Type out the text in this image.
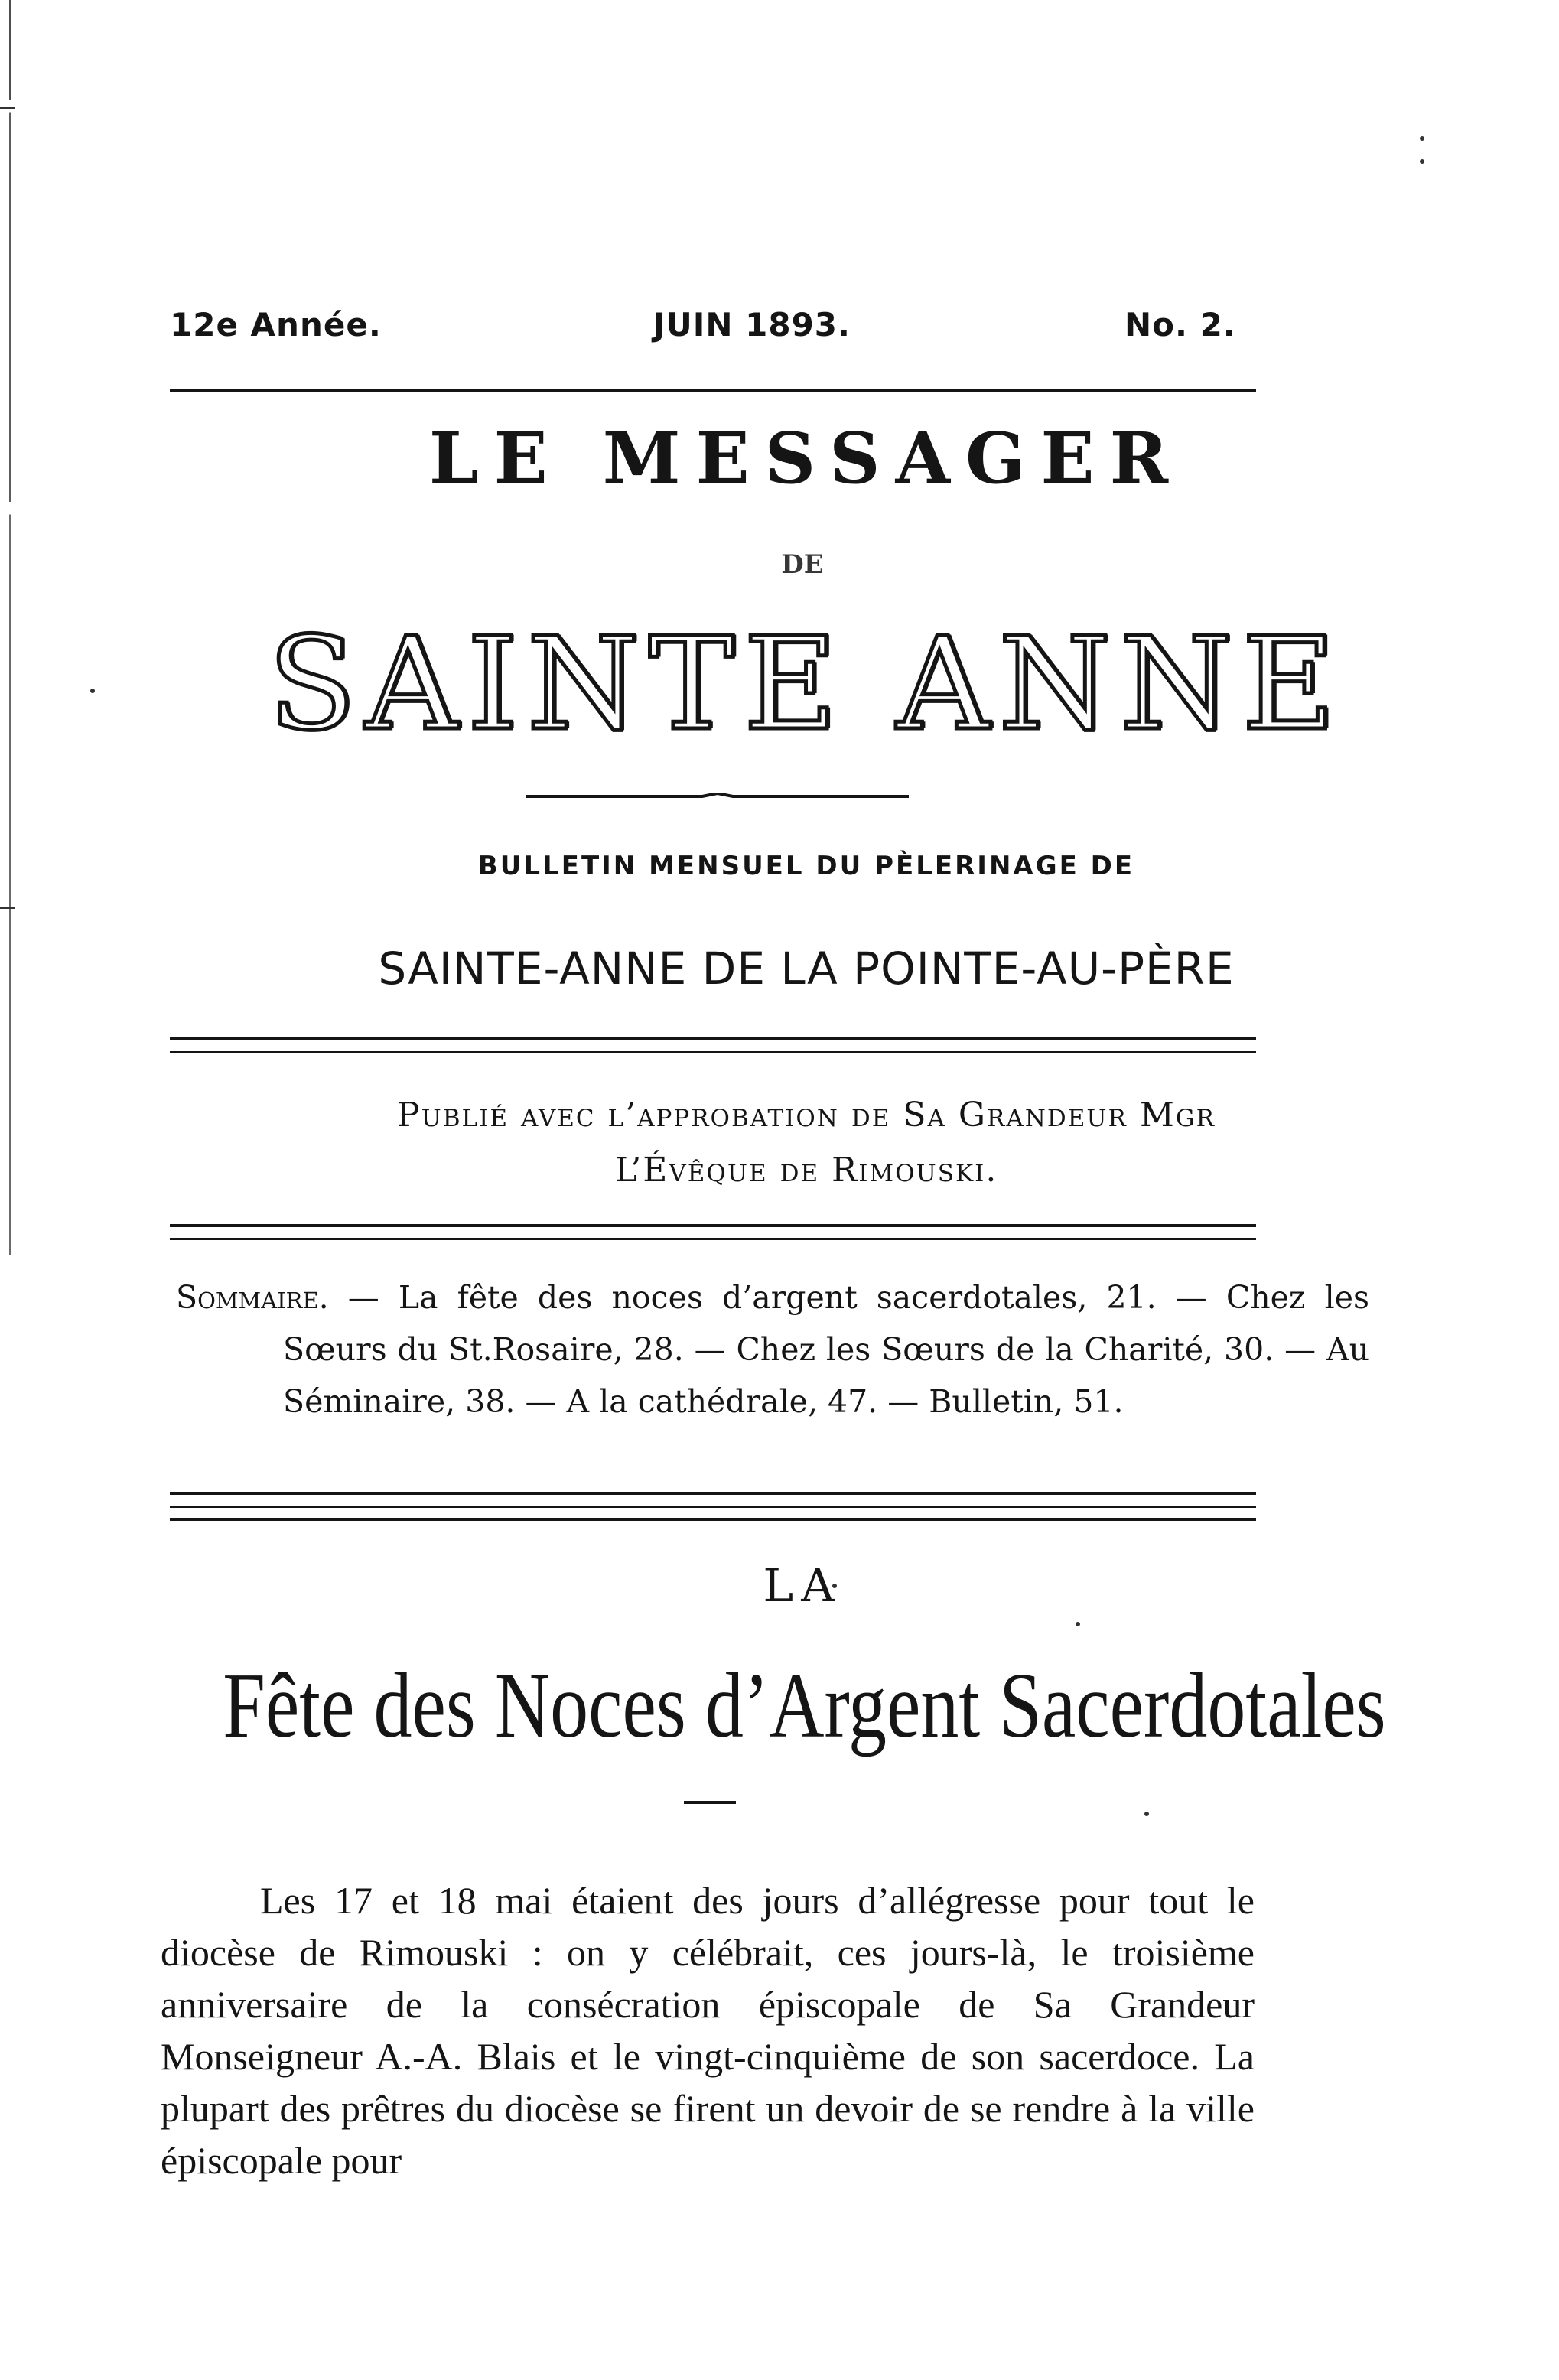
12e Année.	JUIN 1893.	No. 2.
LE MESSAGER
DE
SAINTE ANNE
BULLETIN MENSUEL DU PÈLERINAGE DE
SAINTE-ANNE DE LA POINTE-AU-PÈRE
Publié avec l’approbation de Sa Grandeur Mgr
L’Évêque de Rimouski.
Sommaire. — La fête des noces d’argent sacerdotales, 21. — Chez les Sœurs du St.Rosaire, 28. — Chez les Sœurs de la Charité, 30. — Au Séminaire, 38. — A la cathédrale, 47. — Bulletin, 51.
LA
Fête des Noces d’Argent Sacerdotales

Les 17 et 18 mai étaient des jours d’allégresse pour tout le diocèse de Rimouski : on y célébrait, ces jours-là, le troisième anniversaire de la consécration épiscopale de Sa Grandeur Monseigneur A.-A. Blais et le vingt-cinquième de son sacerdoce. La plupart des prêtres du diocèse se firent un devoir de se rendre à la ville épiscopale pour
